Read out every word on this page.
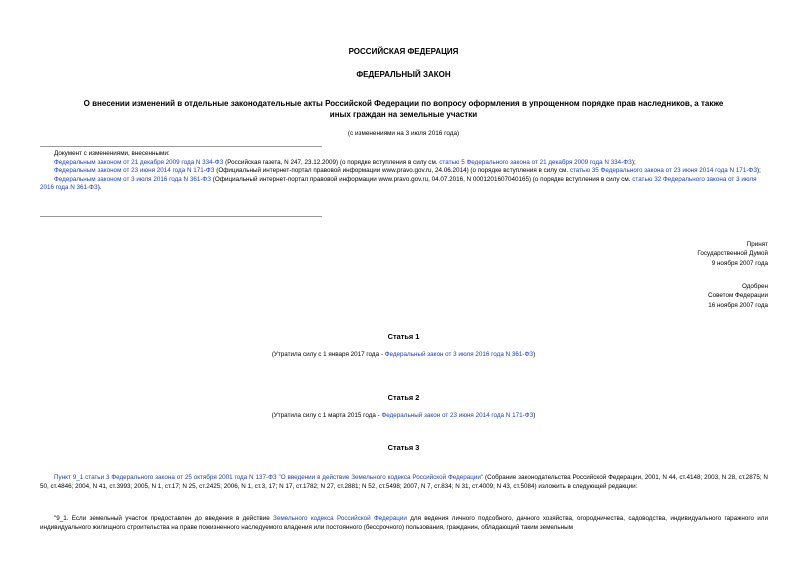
РОССИЙСКАЯ ФЕДЕРАЦИЯ
ФЕДЕРАЛЬНЫЙ ЗАКОН
О внесении изменений в отдельные законодательные акты Российской Федерации по вопросу оформления в упрощенном порядке прав наследников, а также
иных граждан на земельные участки
(с изменениями на 3 июля 2016 года)

Документ с изменениями, внесенными:

Федеральным законом от 21 декабря 2009 года N 334-ФЗ (Российская газета, N 247, 23.12.2009) (о порядке вступления в силу см. статью 5 Федерального закона от 21 декабря 2009 года N 334-ФЗ);

Федеральным законом от 23 июня 2014 года N 171-ФЗ (Официальный интернет-портал правовой информации www.pravo.gov.ru, 24.06.2014) (о порядке вступления в силу см. статью 35 Федерального закона от 23 июня 2014 года N 171-ФЗ);

Федеральным законом от 3 июля 2016 года N 361-ФЗ (Официальный интернет-портал правовой информации www.pravo.gov.ru, 04.07.2016, N 0001201607040165) (о порядке вступления в силу см. статью 32 Федерального закона от 3 июля 2016 года N 361-ФЗ).

Принят
Государственной Думой
9 ноября 2007 года
Одобрен
Советом Федерации
16 ноября 2007 года
Статья 1
(Утратила силу с 1 января 2017 года - Федеральный закон от 3 июля 2016 года N 361-ФЗ)
Статья 2
(Утратила силу с 1 марта 2015 года - Федеральный закон от 23 июня 2014 года N 171-ФЗ)
Статья 3

Пункт 9_1 статьи 3 Федерального закона от 25 октября 2001 года N 137-ФЗ "О введении в действие Земельного кодекса Российской Федерации" (Собрание законодательства Российской Федерации, 2001, N 44, ст.4148; 2003, N 28, ст.2875; N 50, ст.4846; 2004, N 41, ст.3993; 2005, N 1, ст.17; N 25, ст.2425; 2006, N 1, ст.3, 17; N 17, ст.1782; N 27, ст.2881; N 52, ст.5498; 2007, N 7, ст.834; N 31, ст.4009; N 43, ст.5084) изложить в следующей редакции:

"9_1. Если земельный участок предоставлен до введения в действие Земельного кодекса Российской Федерации для ведения личного подсобного, дачного хозяйства, огородничества, садоводства, индивидуального гаражного или индивидуального жилищного строительства на праве пожизненного наследуемого владения или постоянного (бессрочного) пользования, гражданин, обладающий таким земельным
